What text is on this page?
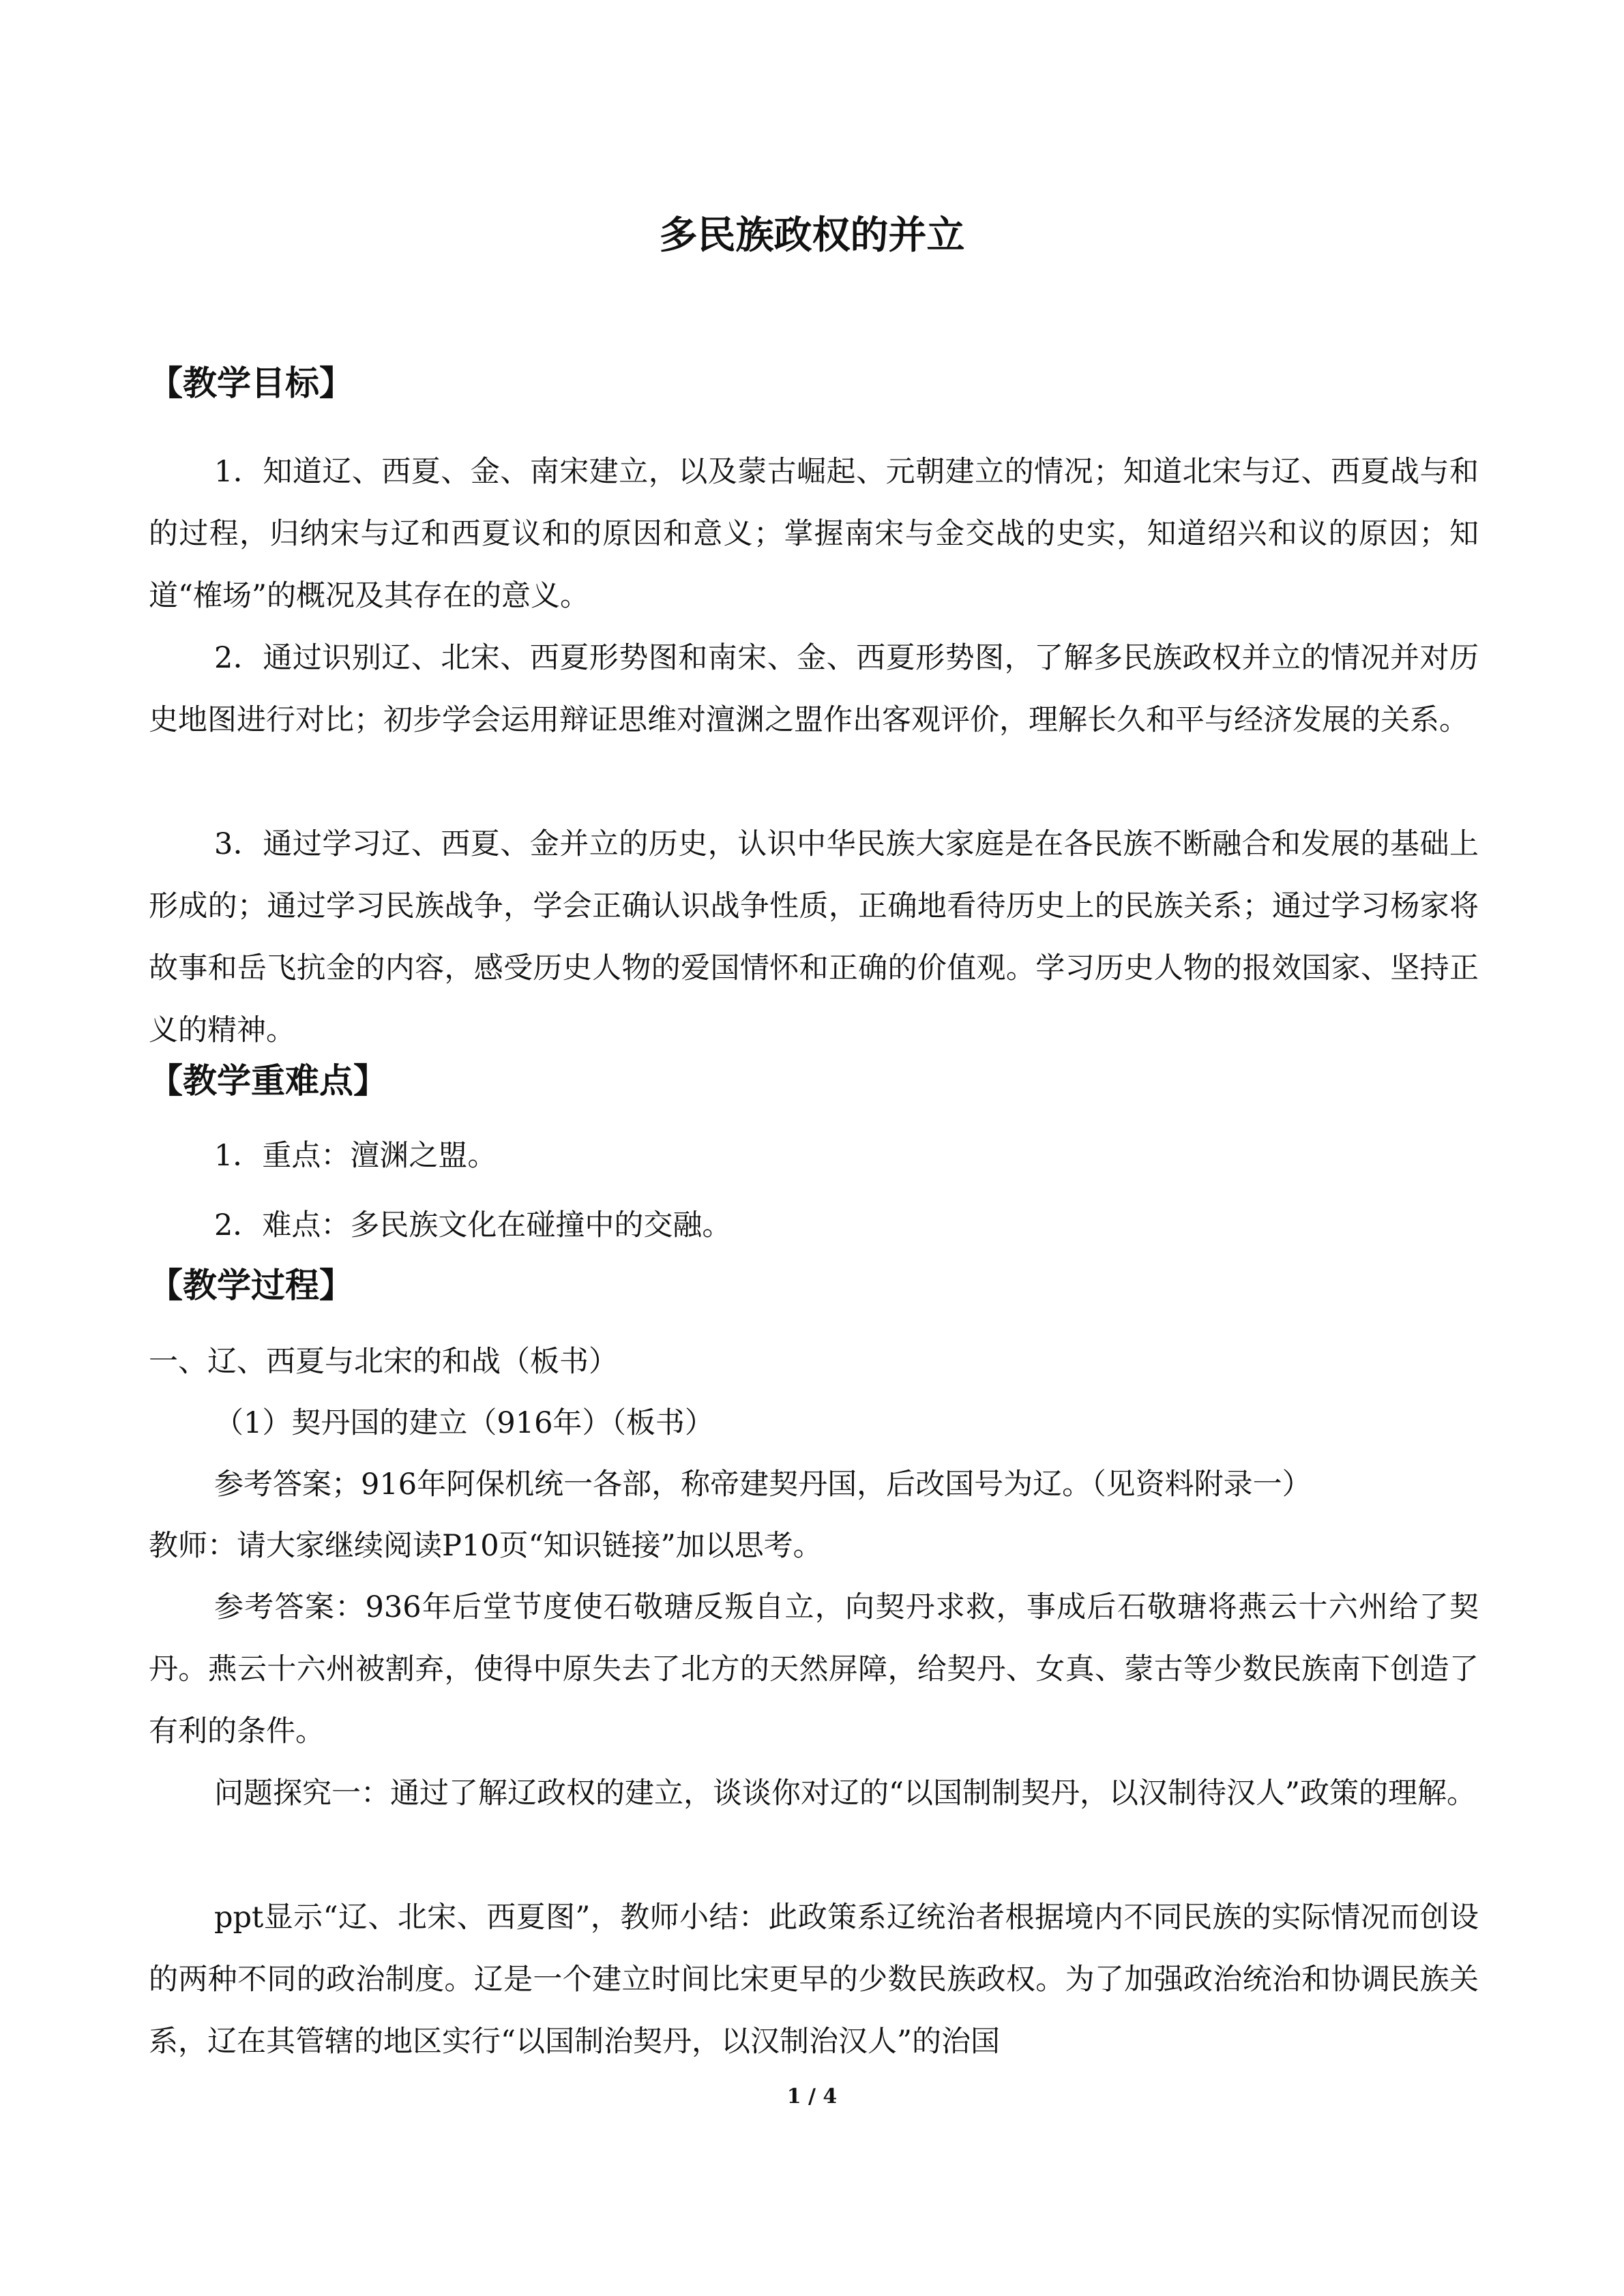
多民族政权的并立
【教学目标】

1．知道辽、西夏、金、南宋建立，以及蒙古崛起、元朝建立的情况；知道北宋与辽、西夏战与和的过程，归纳宋与辽和西夏议和的原因和意义；掌握南宋与金交战的史实，知道绍兴和议的原因；知道“榷场”的概况及其存在的意义。

2．通过识别辽、北宋、西夏形势图和南宋、金、西夏形势图，了解多民族政权并立的情况并对历史地图进行对比；初步学会运用辩证思维对澶渊之盟作出客观评价，理解长久和平与经济发展的关系。

3．通过学习辽、西夏、金并立的历史，认识中华民族大家庭是在各民族不断融合和发展的基础上形成的；通过学习民族战争，学会正确认识战争性质，正确地看待历史上的民族关系；通过学习杨家将故事和岳飞抗金的内容，感受历史人物的爱国情怀和正确的价值观。学习历史人物的报效国家、坚持正义的精神。

【教学重难点】
1．重点：澶渊之盟。
2．难点：多民族文化在碰撞中的交融。
【教学过程】
一、辽、西夏与北宋的和战（板书）
（1）契丹国的建立（916年）（板书）
参考答案；916年阿保机统一各部，称帝建契丹国，后改国号为辽。（见资料附录一）
教师：请大家继续阅读P10页“知识链接”加以思考。

参考答案：936年后堂节度使石敬瑭反叛自立，向契丹求救，事成后石敬瑭将燕云十六州给了契丹。燕云十六州被割弃，使得中原失去了北方的天然屏障，给契丹、女真、蒙古等少数民族南下创造了有利的条件。

问题探究一：通过了解辽政权的建立，谈谈你对辽的“以国制制契丹，以汉制待汉人”政策的理解。

ppt显示“辽、北宋、西夏图”，教师小结：此政策系辽统治者根据境内不同民族的实际情况而创设的两种不同的政治制度。辽是一个建立时间比宋更早的少数民族政权。为了加强政治统治和协调民族关系，辽在其管辖的地区实行“以国制治契丹，以汉制治汉人”的治国

1 / 4
